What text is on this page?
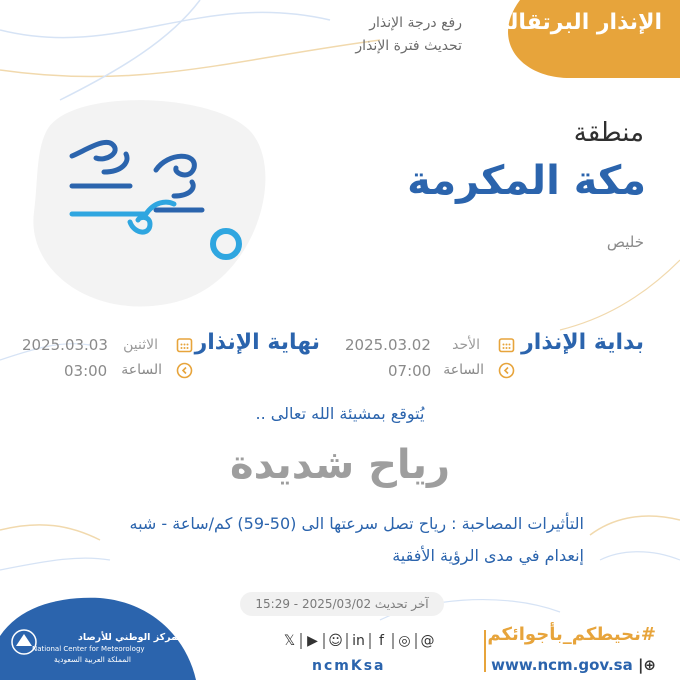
الإنذار البرتقالي
رفع درجة الإنذار
تحديث فترة الإنذار
منطقة
مكة المكرمة
خليص
بداية الإنذار
الأحد
2025.03.02
الساعة
07:00
نهاية الإنذار
الاثنين
2025.03.03
الساعة
03:00
يُتوقع بمشيئة الله تعالى ..
رياح شديدة
التأثيرات المصاحبة : رياح تصل سرعتها الى (50-59) كم/ساعة - شبه
إنعدام في مدى الرؤية الأفقية
آخر تحديث 2025/03/02 - 15:29
المركز الوطني للأرصاد
National Center for Meteorology
المملكة العربية السعودية
𝕏 ▶ ☺ in	f	◎ @
ncmKsa
#نحيطكم_بأجوائكم
www.ncm.gov.sa |⊕
